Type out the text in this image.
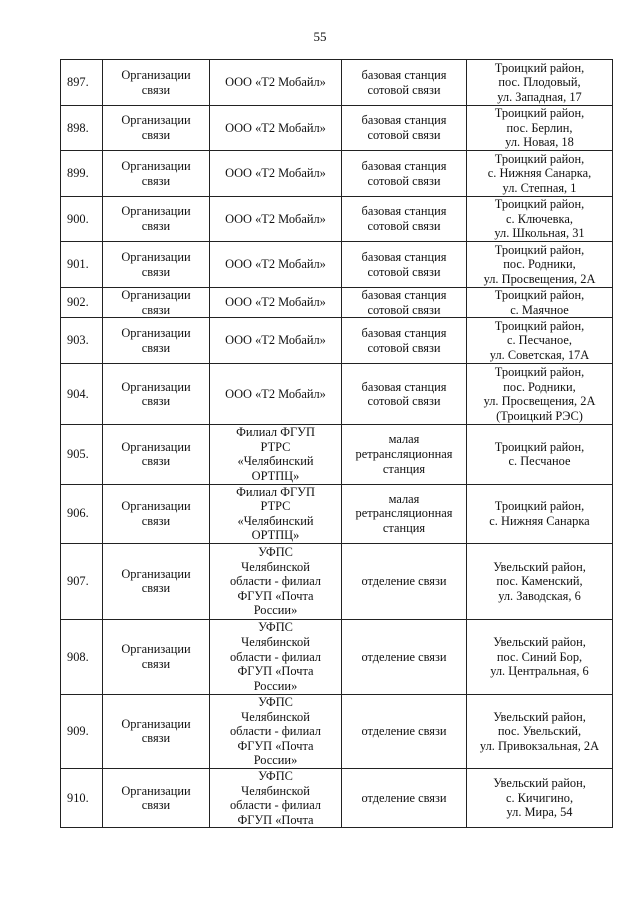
55
897.	Организации
связи	ООО «Т2 Мобайл»	базовая станция
сотовой связи	Троицкий район,
пос. Плодовый,
ул. Западная, 17

898.	Организации
связи	ООО «Т2 Мобайл»	базовая станция
сотовой связи	Троицкий район,
пос. Берлин,
ул. Новая, 18

899.	Организации
связи	ООО «Т2 Мобайл»	базовая станция
сотовой связи	Троицкий район,
с. Нижняя Санарка,
ул. Степная, 1

900.	Организации
связи	ООО «Т2 Мобайл»	базовая станция
сотовой связи	Троицкий район,
с. Ключевка,
ул. Школьная, 31

901.	Организации
связи	ООО «Т2 Мобайл»	базовая станция
сотовой связи	Троицкий район,
пос. Родники,
ул. Просвещения, 2А

902.	Организации
связи	ООО «Т2 Мобайл»	базовая станция
сотовой связи	Троицкий район,
с. Маячное

903.	Организации
связи	ООО «Т2 Мобайл»	базовая станция
сотовой связи	Троицкий район,
с. Песчаное,
ул. Советская, 17А

904.	Организации
связи	ООО «Т2 Мобайл»	базовая станция
сотовой связи	Троицкий район,
пос. Родники,
ул. Просвещения, 2А
(Троицкий РЭС)

905.	Организации
связи	Филиал ФГУП
РТРС
«Челябинский
ОРТПЦ»	малая
ретрансляционная
станция	Троицкий район,
с. Песчаное

906.	Организации
связи	Филиал ФГУП
РТРС
«Челябинский
ОРТПЦ»	малая
ретрансляционная
станция	Троицкий район,
с. Нижняя Санарка

907.	Организации
связи	УФПС
Челябинской
области - филиал
ФГУП «Почта
России»	отделение связи	Увельский район,
пос. Каменский,
ул. Заводская, 6

908.	Организации
связи	УФПС
Челябинской
области - филиал
ФГУП «Почта
России»	отделение связи	Увельский район,
пос. Синий Бор,
ул. Центральная, 6

909.	Организации
связи	УФПС
Челябинской
области - филиал
ФГУП «Почта
России»	отделение связи	Увельский район,
пос. Увельский,
ул. Привокзальная, 2А

910.	Организации
связи	УФПС
Челябинской
области - филиал
ФГУП «Почта	отделение связи	Увельский район,
с. Кичигино,
ул. Мира, 54
